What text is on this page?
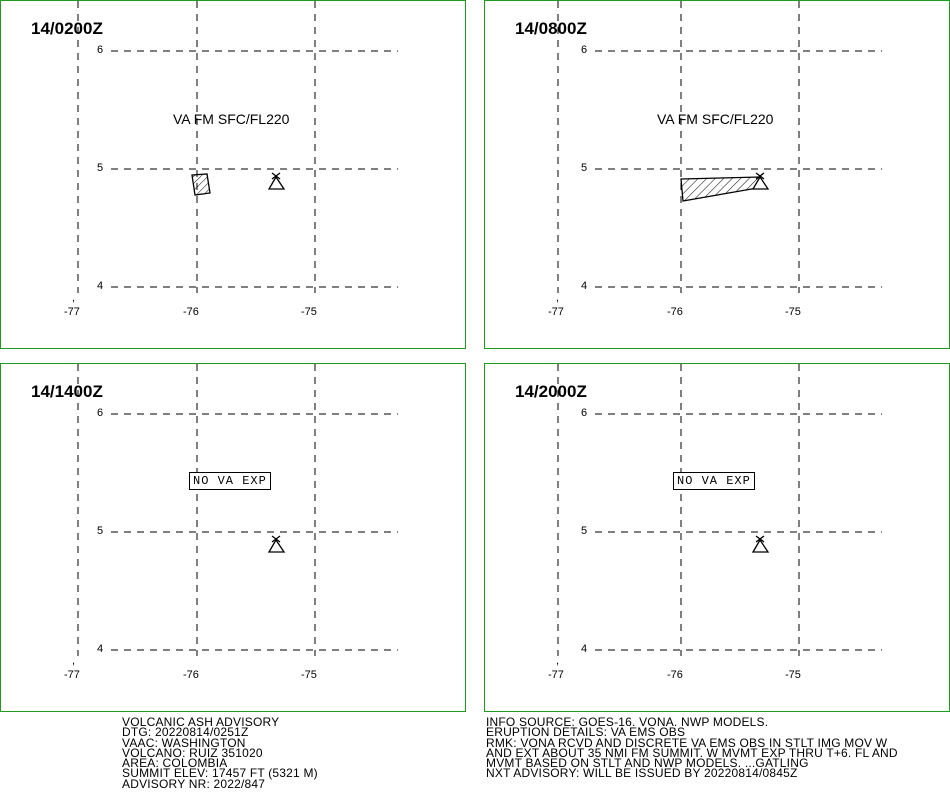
,
14/0200Z
VA FM SFC/FL220
6
5
4
-77	-76	-75
,
14/0800Z
VA FM SFC/FL220
6
5
4
-77	-76	-75
,
14/1400Z
NO VA EXP
6
5
4
-77	-76	-75
,
14/2000Z
NO VA EXP
6
5
4
-77	-76	-75
VOLCANIC ASH ADVISORY
DTG: 20220814/0251Z
VAAC: WASHINGTON
VOLCANO: RUIZ 351020
AREA: COLOMBIA
SUMMIT ELEV: 17457 FT (5321 M)
ADVISORY NR: 2022/847
INFO SOURCE: GOES-16. VONA. NWP MODELS.
ERUPTION DETAILS: VA EMS OBS
RMK: VONA RCVD AND DISCRETE VA EMS OBS IN STLT IMG MOV W
AND EXT ABOUT 35 NMI FM SUMMIT. W MVMT EXP THRU T+6. FL AND
MVMT BASED ON STLT AND NWP MODELS. ...GATLING
NXT ADVISORY: WILL BE ISSUED BY 20220814/0845Z
